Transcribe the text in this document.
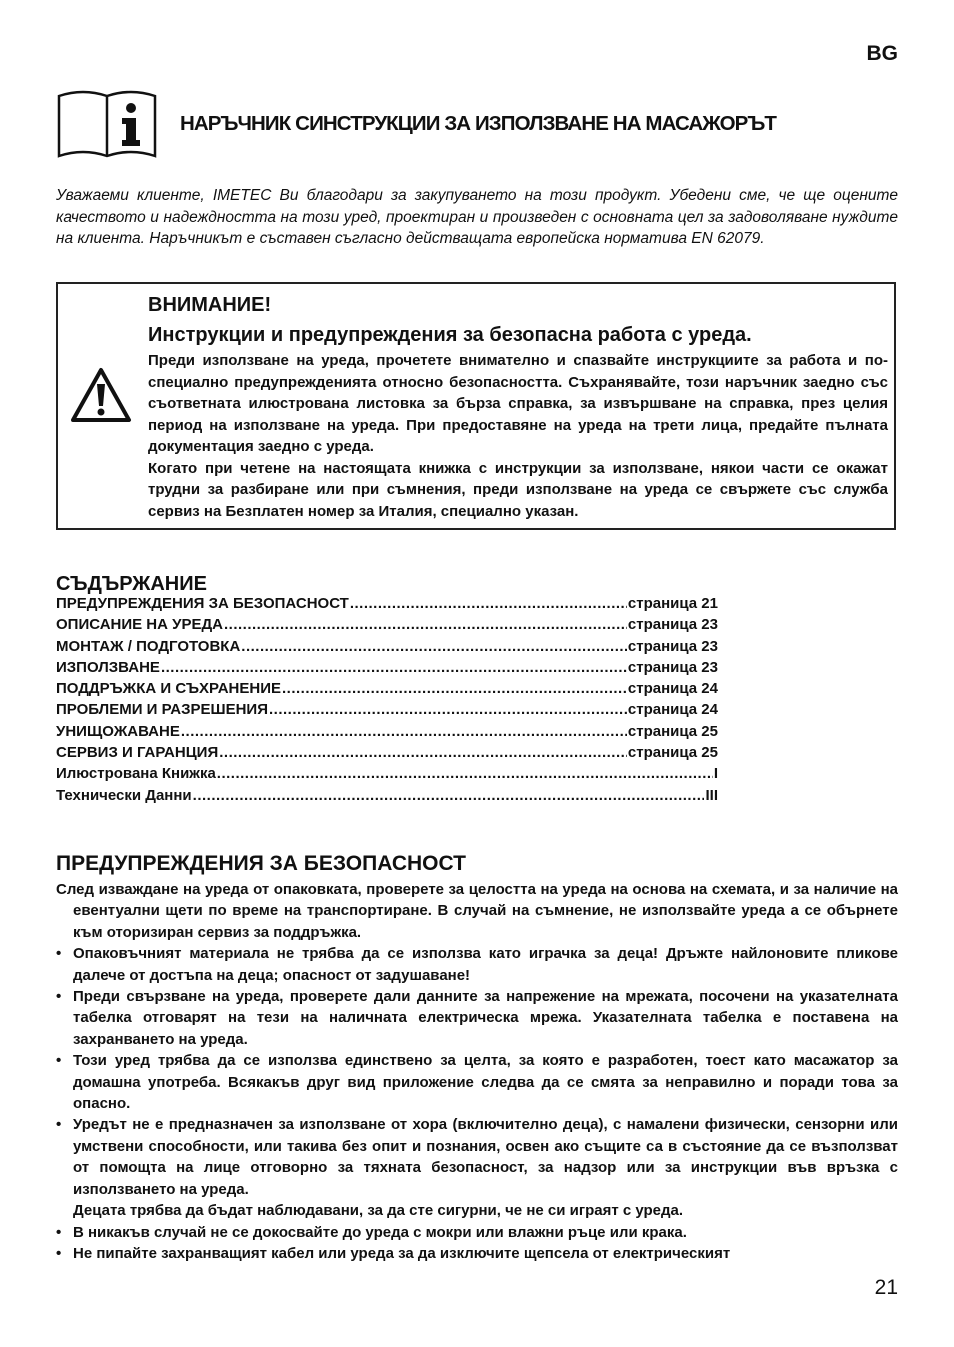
BG
НАРЪЧНИК СИНСТРУКЦИИ ЗА ИЗПОЛЗВАНЕ НА МАСАЖОРЪТ

Уважаеми клиенте, IMETEC Ви благодари за закупуването на този продукт. Убедени сме, че ще оцените качеството и надеждността на този уред, проектиран и произведен с основната цел за задоволяване нуждите на клиента. Наръчникът е съставен съгласно действащата европейска норматива EN 62079.

ВНИМАНИЕ!
Инструкции и предупреждения за безопасна работа с уреда.

Преди използване на уреда, прочетете внимателно и спазвайте инструкциите за работа и по-специално предупрежденията относно безопасността. Съхранявайте, този наръчник заедно със съответната илюстрована листовка за бърза справка, за извършване на справка, през целия период на използване на уреда. При предоставяне на уреда на трети лица, предайте пълната документация заедно с уреда.

Когато при четене на настоящата книжка с инструкции за използване, някои части се окажат трудни за разбиране или при съмнения, преди използване на уреда се свържете със служба сервиз на Безплатен номер за Италия, специално указан.

СЪДЪРЖАНИЕ
ПРЕДУПРЕЖДЕНИЯ ЗА БЕЗОПАСНОСТ .....	страница 21
ОПИСАНИЕ НА УРЕДА .....	страница 23
МОНТАЖ / ПОДГОТОВКА .....	страница 23
ИЗПОЛЗВАНЕ .....	страница 23
ПОДДРЪЖКА И СЪХРАНЕНИЕ .....	страница 24
ПРОБЛЕМИ И РАЗРЕШЕНИЯ .....	страница 24
УНИЩОЖАВАНЕ .....	страница 25
СЕРВИЗ И ГАРАНЦИЯ .....	страница 25
Илюстрована Книжка .....	I
Технически Данни .....	III
ПРЕДУПРЕЖДЕНИЯ ЗА БЕЗОПАСНОСТ
След изваждане на уреда от опаковката, проверете за целостта на уреда на основа на схемата, и за наличие на евентуални щети по време на транспортиране. В случай на съмнение, не използвайте уреда а се обърнете към оторизиран сервиз за поддръжка.
• Опаковъчният материала не трябва да се използва като играчка за деца! Дръжте найлоновите пликове далече от достъпа на деца; опасност от задушаване!
• Преди свързване на уреда, проверете дали данните за напрежение на мрежата, посочени на указателната табелка отговарят на тези на наличната електрическа мрежа. Указателната табелка е поставена на захранването на уреда.
• Този уред трябва да се използва единствено за целта, за която е разработен, тоест като масажатор за домашна употреба. Всякакъв друг вид приложение следва да се смята за неправилно и поради това за опасно.
• Уредът не е предназначен за използване от хора (включително деца), с намалени физически, сензорни или умствени способности, или такива без опит и познания, освен ако същите са в състояние да се възползват от помощта на лице отговорно за тяхната безопасност, за надзор или за инструкции във връзка с използването на уреда.
Децата трябва да бъдат наблюдавани, за да сте сигурни, че не си играят с уреда.
• В никакъв случай не се докосвайте до уреда с мокри или влажни ръце или крака.
• Не пипайте захранващият кабел или уреда за да изключите щепсела от електрическият
21
